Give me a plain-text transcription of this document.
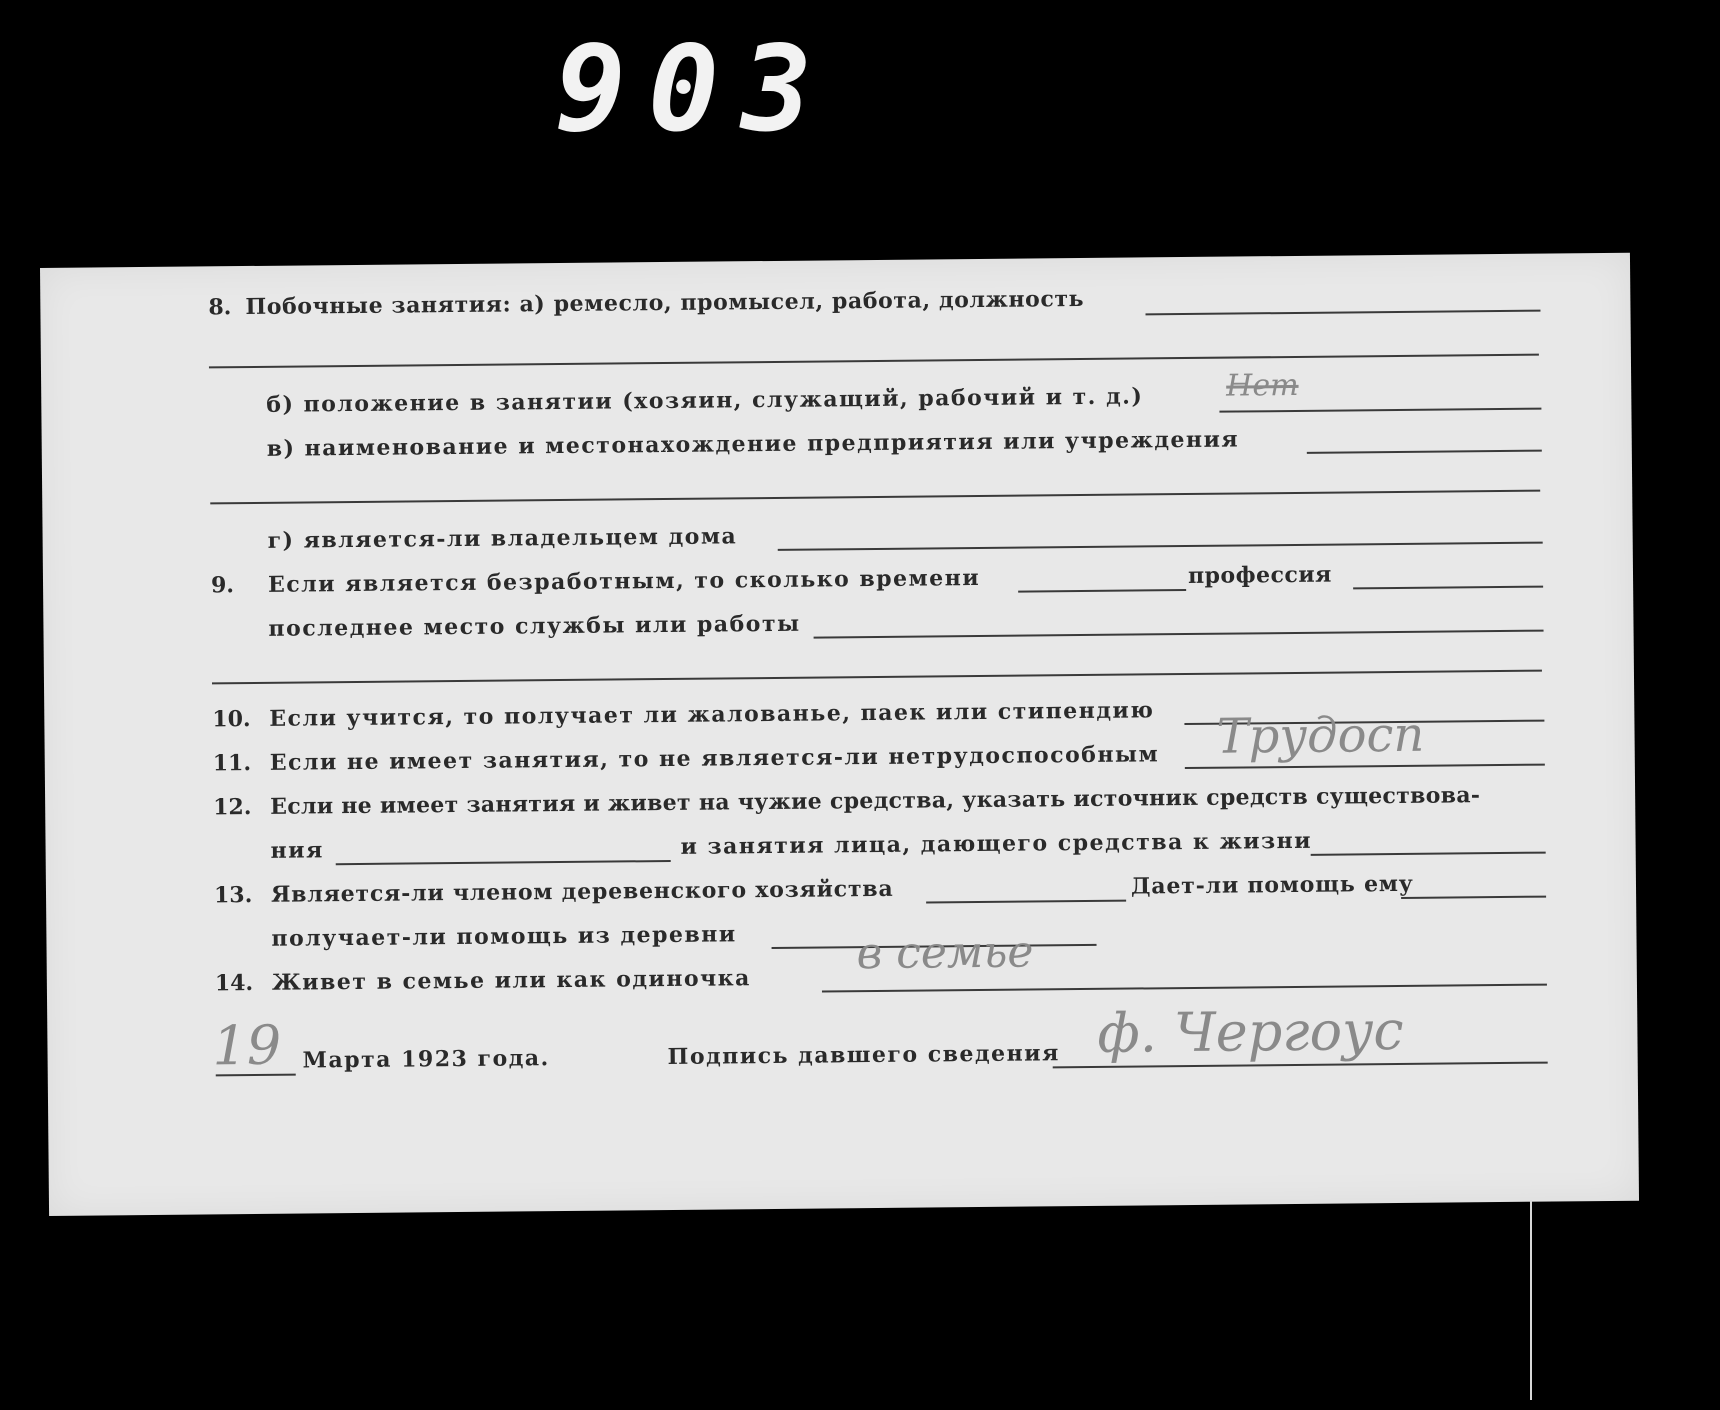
903
8. Побочные занятия: а) ремесло, промысел, работа, должность
б) положение в занятии (хозяин, служащий, рабочий и т. д.)	Нет
в) наименование и местонахождение предприятия или учреждения
г) является-ли владельцем дома
9. Если является безработным, то сколько времени	профессия
последнее место службы или работы
10. Если учится, то получает ли жалованье, паек или стипендию
11. Если не имеет занятия, то не является-ли нетрудоспособным Трудосп
12. Если не имеет занятия и живет на чужие средства, указать источник средств существова-
ния	и занятия лица, дающего средства к жизни
13. Является-ли членом деревенского хозяйства	Дает-ли помощь ему
получает-ли помощь из деревни
14. Живет в семье или как одиночка
в семье
19 Марта 1923 года.	Подпись давшего сведения ф. Чергоус
